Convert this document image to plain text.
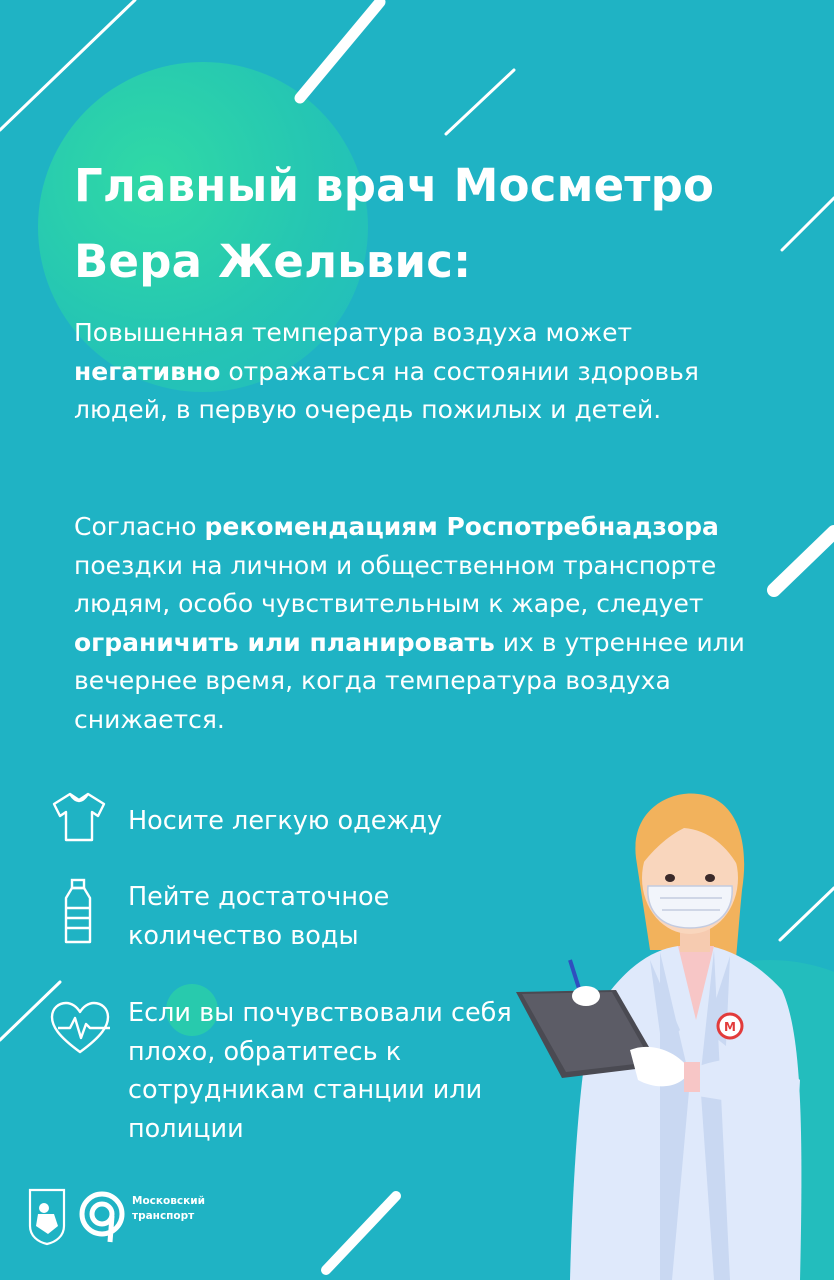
Главный врач Мосметро
Вера Жельвис:

Повышенная температура воздуха может негативно отражаться на состоянии здоровья людей, в первую очередь пожилых и детей.

Согласно рекомендациям Роспотребнадзора поездки на личном и общественном транспорте людям, особо чувствительным к жаре, следует ограничить или планировать их в утреннее или вечернее время, когда температура воздуха снижается.

Носите легкую одежду

Пейте достаточное количество воды

Если вы почувствовали себя плохо, обратитесь к сотрудникам станции или полиции

М
Московский
транспорт
